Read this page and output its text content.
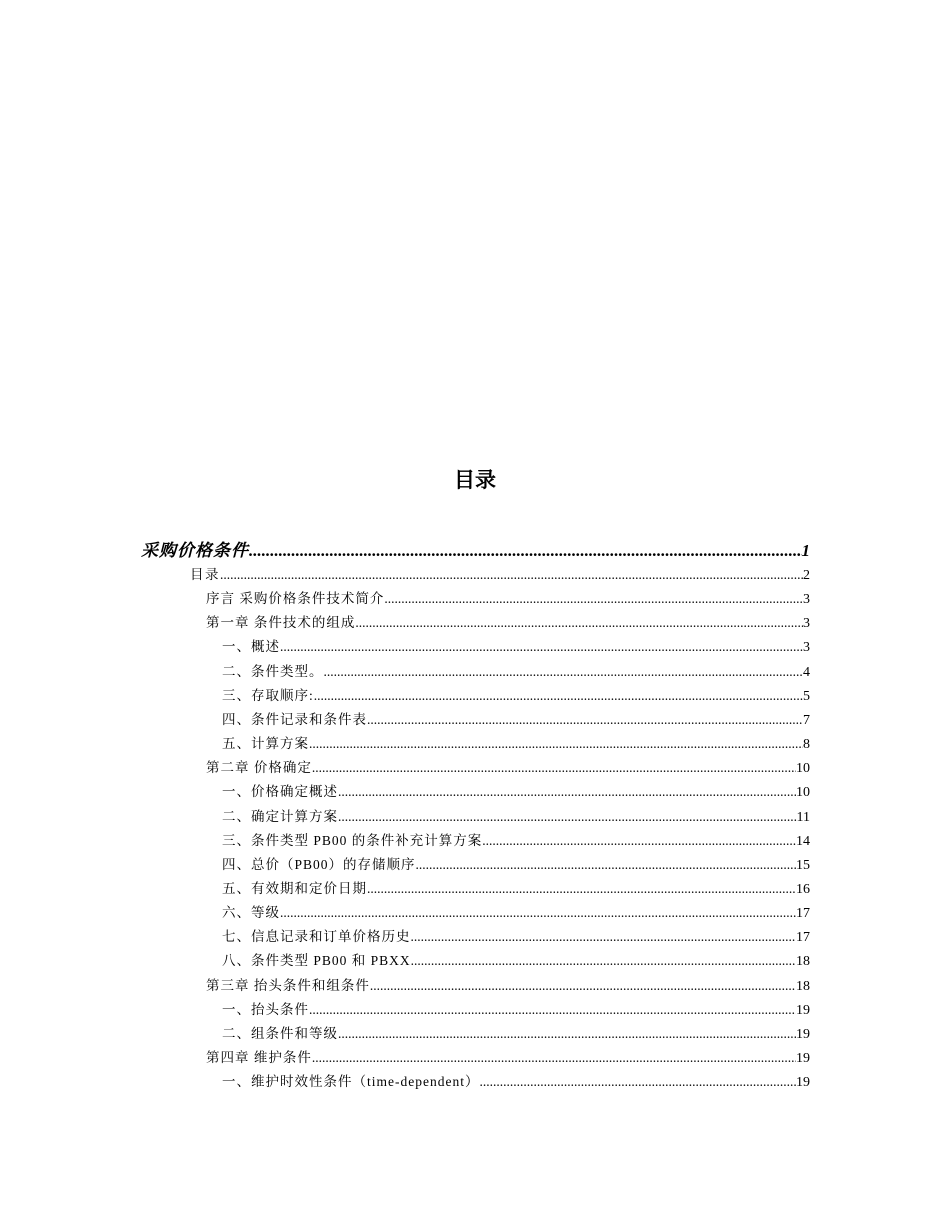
目录
采购价格条件 .....	1
目录 .....	2
序言 采购价格条件技术简介 .....	3
第一章 条件技术的组成 .....	3
一、概述 .....	3
二、条件类型。 .....	4
三、存取顺序: .....	5
四、条件记录和条件表 .....	7
五、计算方案 .....	8
第二章 价格确定 .....	10
一、价格确定概述 .....	10
二、确定计算方案 .....	11
三、条件类型 PB00 的条件补充计算方案 .....	14
四、总价（PB00）的存储顺序 .....	15
五、有效期和定价日期 .....	16
六、等级 .....	17
七、信息记录和订单价格历史 .....	17
八、条件类型 PB00 和 PBXX .....	18
第三章 抬头条件和组条件 .....	18
一、抬头条件 .....	19
二、组条件和等级 .....	19
第四章 维护条件 .....	19
一、维护时效性条件（time-dependent） .....	19
